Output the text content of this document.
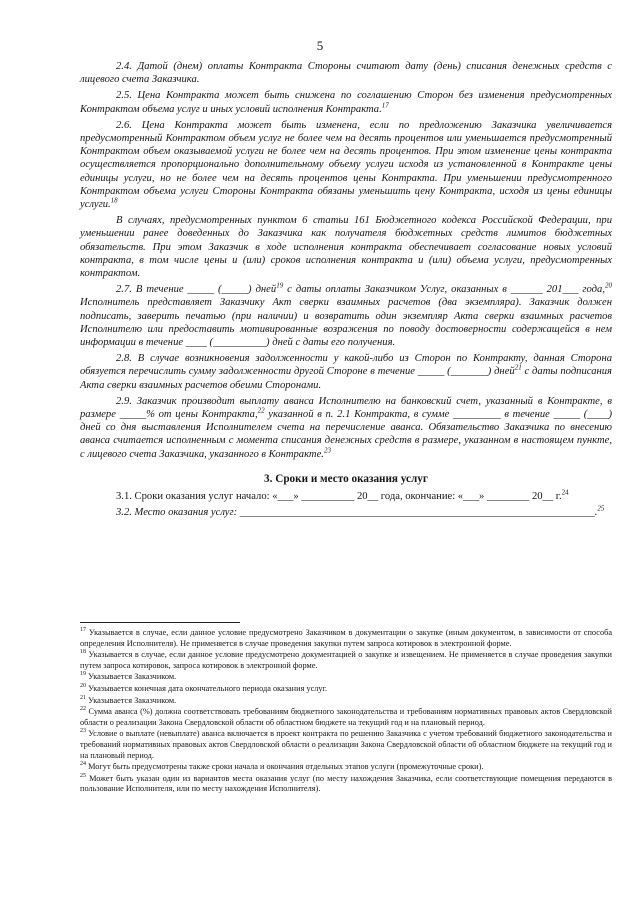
5

2.4. Датой (днем) оплаты Контракта Стороны считают дату (день) списания денежных средств с лицевого счета Заказчика.

2.5. Цена Контракта может быть снижена по соглашению Сторон без изменения предусмотренных Контрактом объема услуг и иных условий исполнения Контракта.$^{17}$

2.6. Цена Контракта может быть изменена, если по предложению Заказчика увеличивается предусмотренный Контрактом объем услуг не более чем на десять процентов или уменьшается предусмотренный Контрактом объем оказываемой услуги не более чем на десять процентов. При этом изменение цены контракта осуществляется пропорционально дополнительному объему услуги исходя из установленной в Контракте цены единицы услуги, но не более чем на десять процентов цены Контракта. При уменьшении предусмотренного Контрактом объема услуги Стороны Контракта обязаны уменьшить цену Контракта, исходя из цены единицы услуги.$^{18}$

В случаях, предусмотренных пунктом 6 статьи 161 Бюджетного кодекса Российской Федерации, при уменьшении ранее доведенных до Заказчика как получателя бюджетных средств лимитов бюджетных обязательств. При этом Заказчик в ходе исполнения контракта обеспечивает согласование новых условий контракта, в том числе цены и (или) сроков исполнения контракта и (или) объема услуги, предусмотренных контрактом.

2.7. В течение _____ (_____) дней$^{19}$ с даты оплаты Заказчиком Услуг, оказанных в ______ 201___ года,$^{20}$ Исполнитель представляет Заказчику Акт сверки взаимных расчетов (два экземпляра). Заказчик должен подписать, заверить печатью (при наличии) и возвратить один экземпляр Акта сверки взаимных расчетов Исполнителю или предоставить мотивированные возражения по поводу достоверности содержащейся в нем информации в течение ____ (__________) дней с даты его получения.

2.8. В случае возникновения задолженности у какой-либо из Сторон по Контракту, данная Сторона обязуется перечислить сумму задолженности другой Стороне в течение _____ (_______) дней$^{21}$ с даты подписания Акта сверки взаимных расчетов обеими Сторонами.

2.9. Заказчик производит выплату аванса Исполнителю на банковский счет, указанный в Контракте, в размере _____% от цены Контракта,$^{22}$ указанной в п. 2.1 Контракта, в сумме _________ в течение _____ (____) дней со дня выставления Исполнителем счета на перечисление аванса. Обязательство Заказчика по внесению аванса считается исполненным с момента списания денежных средств в размере, указанном в настоящем пункте, с лицевого счета Заказчика, указанного в Контракте.$^{23}$

3. Сроки и место оказания услуг

3.1. Сроки оказания услуг начало: «___» __________ 20__ года, окончание: «___» ________ 20__ г.$^{24}$

3.2. Место оказания услуг: ___________________________________________________________________.$^{25}$

$^{17}$ Указывается в случае, если данное условие предусмотрено Заказчиком в документации о закупке (иным документом, в зависимости от способа определения Исполнителя). Не применяется в случае проведения закупки путем запроса котировок в электронной форме.

$^{18}$ Указывается в случае, если данное условие предусмотрено документацией о закупке и извещением. Не применяется в случае проведения закупки путем запроса котировок, запроса котировок в электронной форме.

$^{19}$ Указывается Заказчиком.

$^{20}$ Указывается конечная дата окончательного периода оказания услуг.

$^{21}$ Указывается Заказчиком.

$^{22}$ Сумма аванса (%) должна соответствовать требованиям бюджетного законодательства и требованиям нормативных правовых актов Свердловской области о реализации Закона Свердловской области об областном бюджете на текущий год и на плановый период.

$^{23}$ Условие о выплате (невыплате) аванса включается в проект контракта по решению Заказчика с учетом требований бюджетного законодательства и требований нормативных правовых актов Свердловской области о реализации Закона Свердловской области об областном бюджете на текущий год и на плановый период.

$^{24}$ Могут быть предусмотрены также сроки начала и окончания отдельных этапов услуги (промежуточные сроки).

$^{25}$ Может быть указан один из вариантов места оказания услуг (по месту нахождения Заказчика, если соответствующие помещения передаются в пользование Исполнителя, или по месту нахождения Исполнителя).
